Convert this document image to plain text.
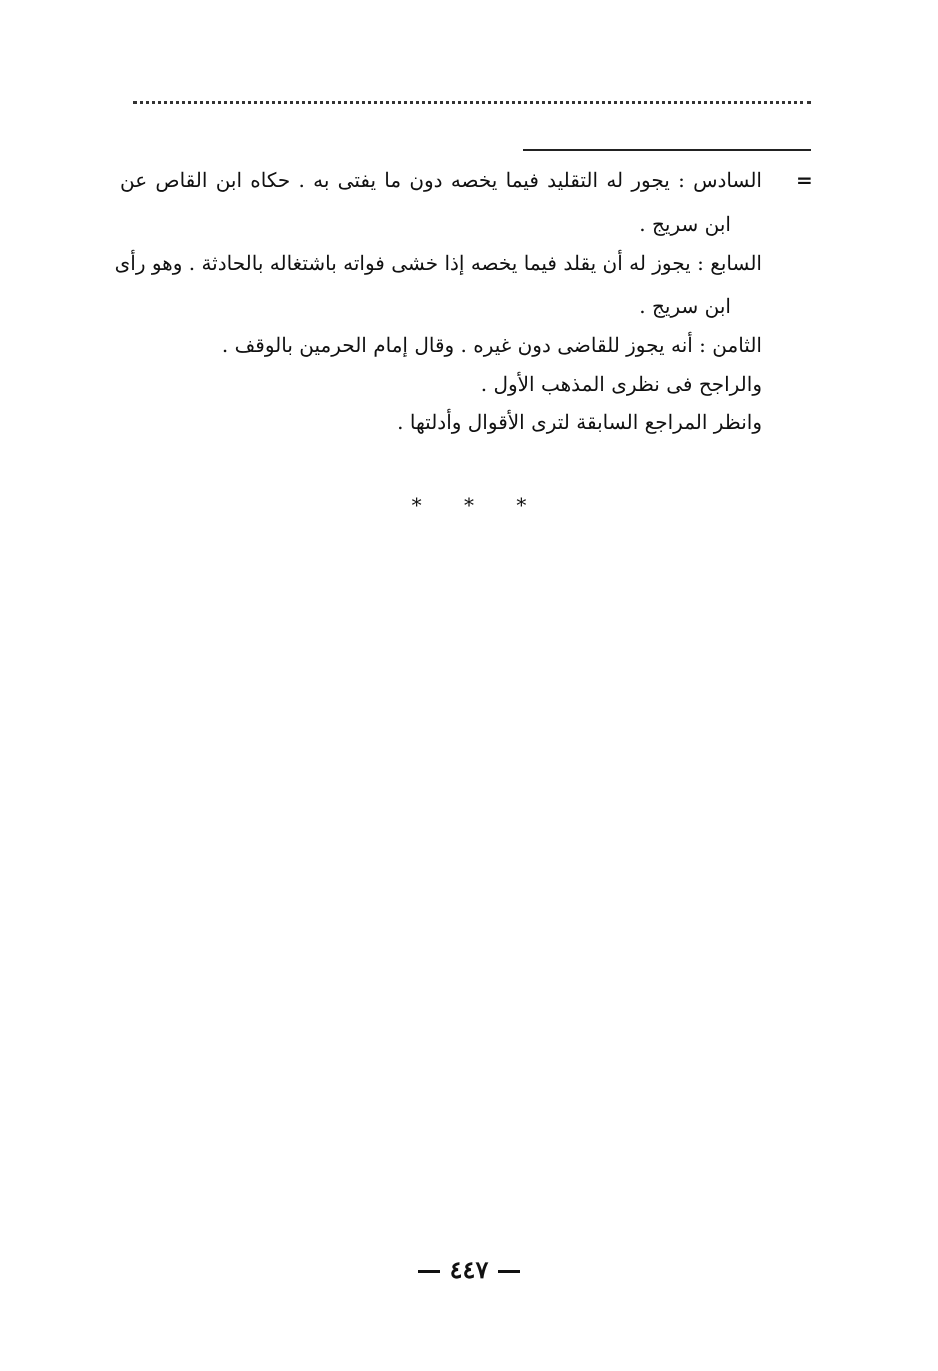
=
السادس : يجور له التقليد فيما يخصه دون ما يفتى به . حكاه ابن القاص عن
ابن سريج .
السابع : يجوز له أن يقلد فيما يخصه إذا خشى فواته باشتغاله بالحادثة . وهو رأى
ابن سريج .
الثامن : أنه يجوز للقاضى دون غيره . وقال إمام الحرمين بالوقف .
والراجح فى نظرى المذهب الأول .
وانظر المراجع السابقة لترى الأقوال وأدلتها .
* * *
٤٤٧
